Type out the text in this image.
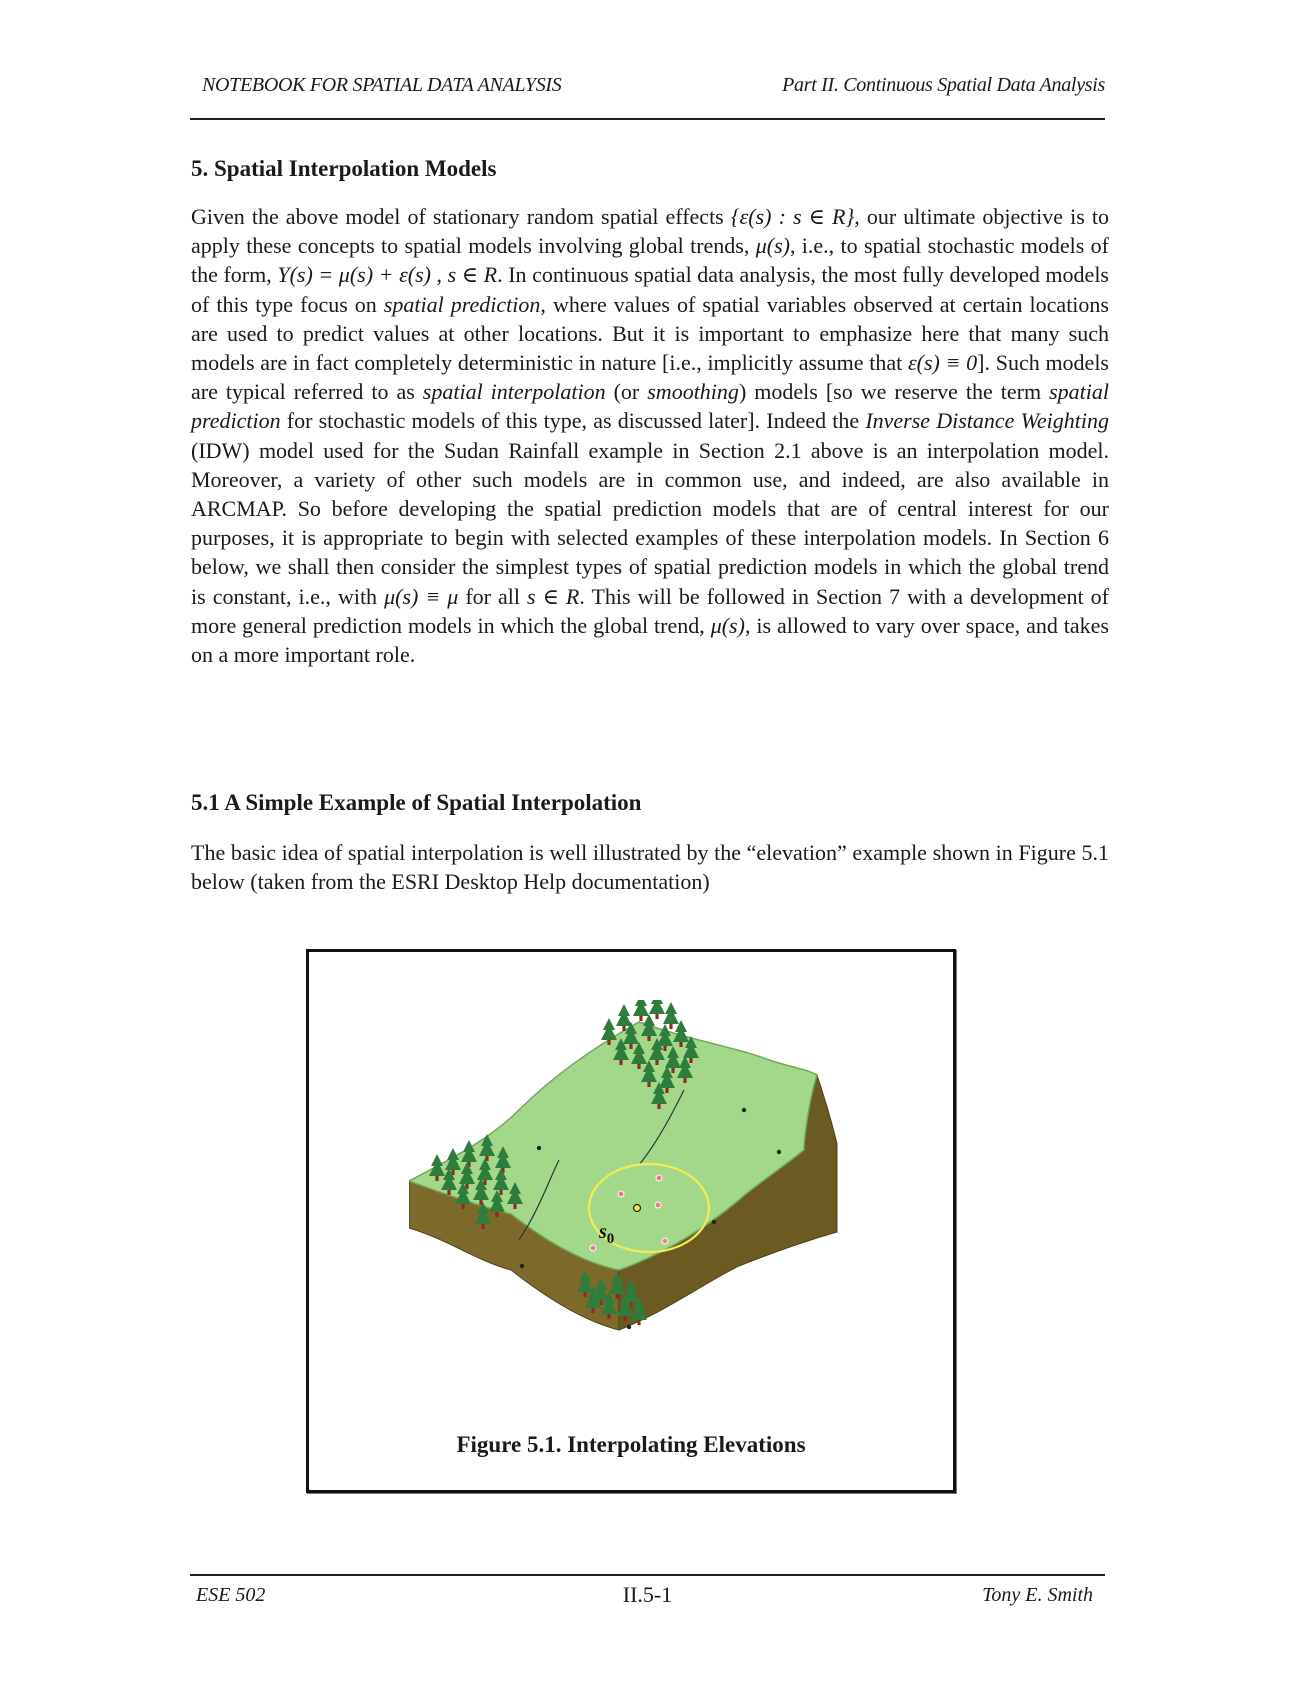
NOTEBOOK FOR SPATIAL DATA ANALYSIS	Part II. Continuous Spatial Data Analysis
5. Spatial Interpolation Models

Given the above model of stationary random spatial effects {ε(s) : s ∈ R}, our ultimate objective is to apply these concepts to spatial models involving global trends, μ(s), i.e., to spatial stochastic models of the form, Y(s) = μ(s) + ε(s) , s ∈ R. In continuous spatial data analysis, the most fully developed models of this type focus on spatial prediction, where values of spatial variables observed at certain locations are used to predict values at other locations. But it is important to emphasize here that many such models are in fact completely deterministic in nature [i.e., implicitly assume that ε(s) ≡ 0]. Such models are typical referred to as spatial interpolation (or smoothing) models [so we reserve the term spatial prediction for stochastic models of this type, as discussed later]. Indeed the Inverse Distance Weighting (IDW) model used for the Sudan Rainfall example in Section 2.1 above is an interpolation model. Moreover, a variety of other such models are in common use, and indeed, are also available in ARCMAP. So before developing the spatial prediction models that are of central interest for our purposes, it is appropriate to begin with selected examples of these interpolation models. In Section 6 below, we shall then consider the simplest types of spatial prediction models in which the global trend is constant, i.e., with μ(s) ≡ μ for all s ∈ R. This will be followed in Section 7 with a development of more general prediction models in which the global trend, μ(s), is allowed to vary over space, and takes on a more important role.

5.1 A Simple Example of Spatial Interpolation

The basic idea of spatial interpolation is well illustrated by the “elevation” example shown in Figure 5.1 below (taken from the ESRI Desktop Help documentation)

$s_0$
Figure 5.1. Interpolating Elevations
ESE 502	II.5-1	Tony E. Smith
